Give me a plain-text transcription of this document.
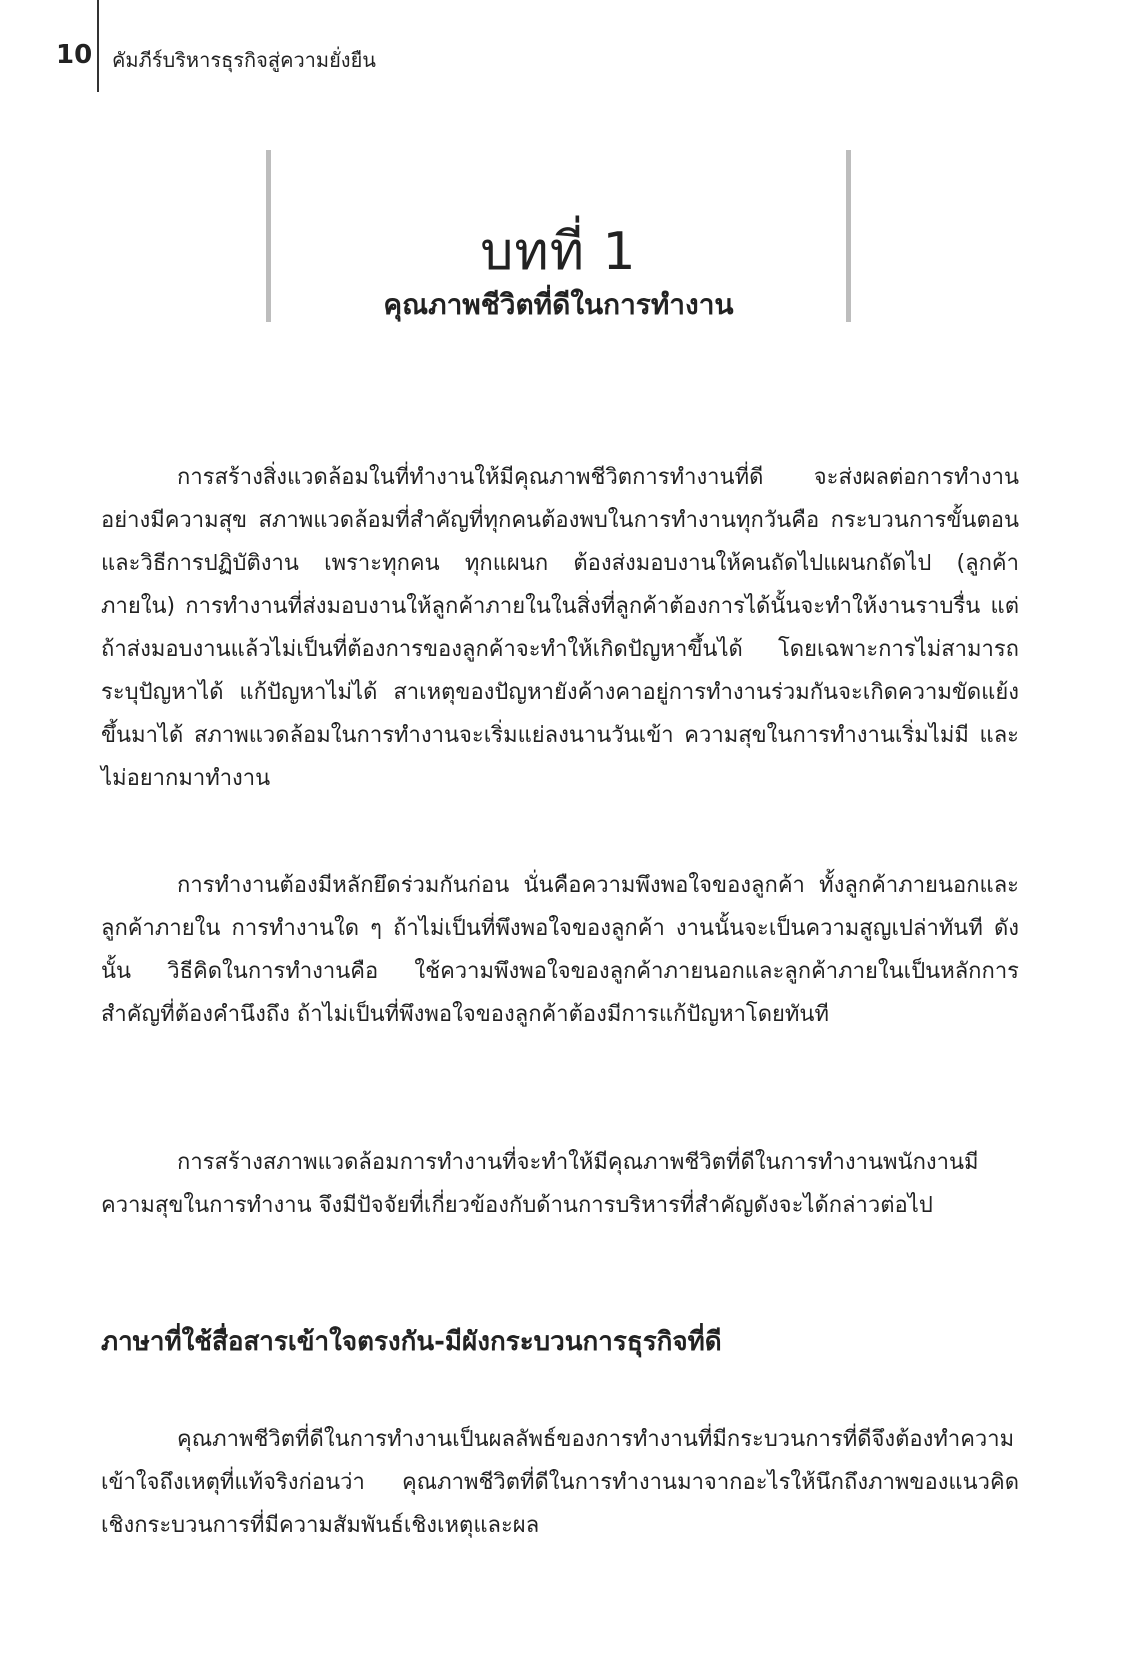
10 คัมภีร์บริหารธุรกิจสู่ความยั่งยืน
บทที่ 1
คุณภาพชีวิตที่ดีในการทำงาน

การสร้างสิ่งแวดล้อมในที่ทำงานให้มีคุณภาพชีวิตการทำงานที่ดี จะส่งผลต่อการทำงานอย่างมีความสุข สภาพแวดล้อมที่สำคัญที่ทุกคนต้องพบในการทำงานทุกวันคือ กระบวนการขั้นตอนและวิธีการปฏิบัติงาน เพราะทุกคน ทุกแผนก ต้องส่งมอบงานให้คนถัดไปแผนกถัดไป (ลูกค้าภายใน) การทำงานที่ส่งมอบงานให้ลูกค้าภายในในสิ่งที่ลูกค้าต้องการได้นั้นจะทำให้งานราบรื่น แต่ถ้าส่งมอบงานแล้วไม่เป็นที่ต้องการของลูกค้าจะทำให้เกิดปัญหาขึ้นได้ โดยเฉพาะการไม่สามารถระบุปัญหาได้ แก้ปัญหาไม่ได้ สาเหตุของปัญหายังค้างคาอยู่การทำงานร่วมกันจะเกิดความขัดแย้งขึ้นมาได้ สภาพแวดล้อมในการทำงานจะเริ่มแย่ลงนานวันเข้า ความสุขในการทำงานเริ่มไม่มี และไม่อยากมาทำงาน

การทำงานต้องมีหลักยึดร่วมกันก่อน นั่นคือความพึงพอใจของลูกค้า ทั้งลูกค้าภายนอกและลูกค้าภายใน การทำงานใด ๆ ถ้าไม่เป็นที่พึงพอใจของลูกค้า งานนั้นจะเป็นความสูญเปล่าทันที ดังนั้น วิธีคิดในการทำงานคือ ใช้ความพึงพอใจของลูกค้าภายนอกและลูกค้าภายในเป็นหลักการสำคัญที่ต้องคำนึงถึง ถ้าไม่เป็นที่พึงพอใจของลูกค้าต้องมีการแก้ปัญหาโดยทันที

การสร้างสภาพแวดล้อมการทำงานที่จะทำให้มีคุณภาพชีวิตที่ดีในการทำงานพนักงานมีความสุขในการทำงาน จึงมีปัจจัยที่เกี่ยวข้องกับด้านการบริหารที่สำคัญดังจะได้กล่าวต่อไป

ภาษาที่ใช้สื่อสารเข้าใจตรงกัน-มีผังกระบวนการธุรกิจที่ดี

คุณภาพชีวิตที่ดีในการทำงานเป็นผลลัพธ์ของการทำงานที่มีกระบวนการที่ดีจึงต้องทำความเข้าใจถึงเหตุที่แท้จริงก่อนว่า คุณภาพชีวิตที่ดีในการทำงานมาจากอะไรให้นึกถึงภาพของแนวคิดเชิงกระบวนการที่มีความสัมพันธ์เชิงเหตุและผล
